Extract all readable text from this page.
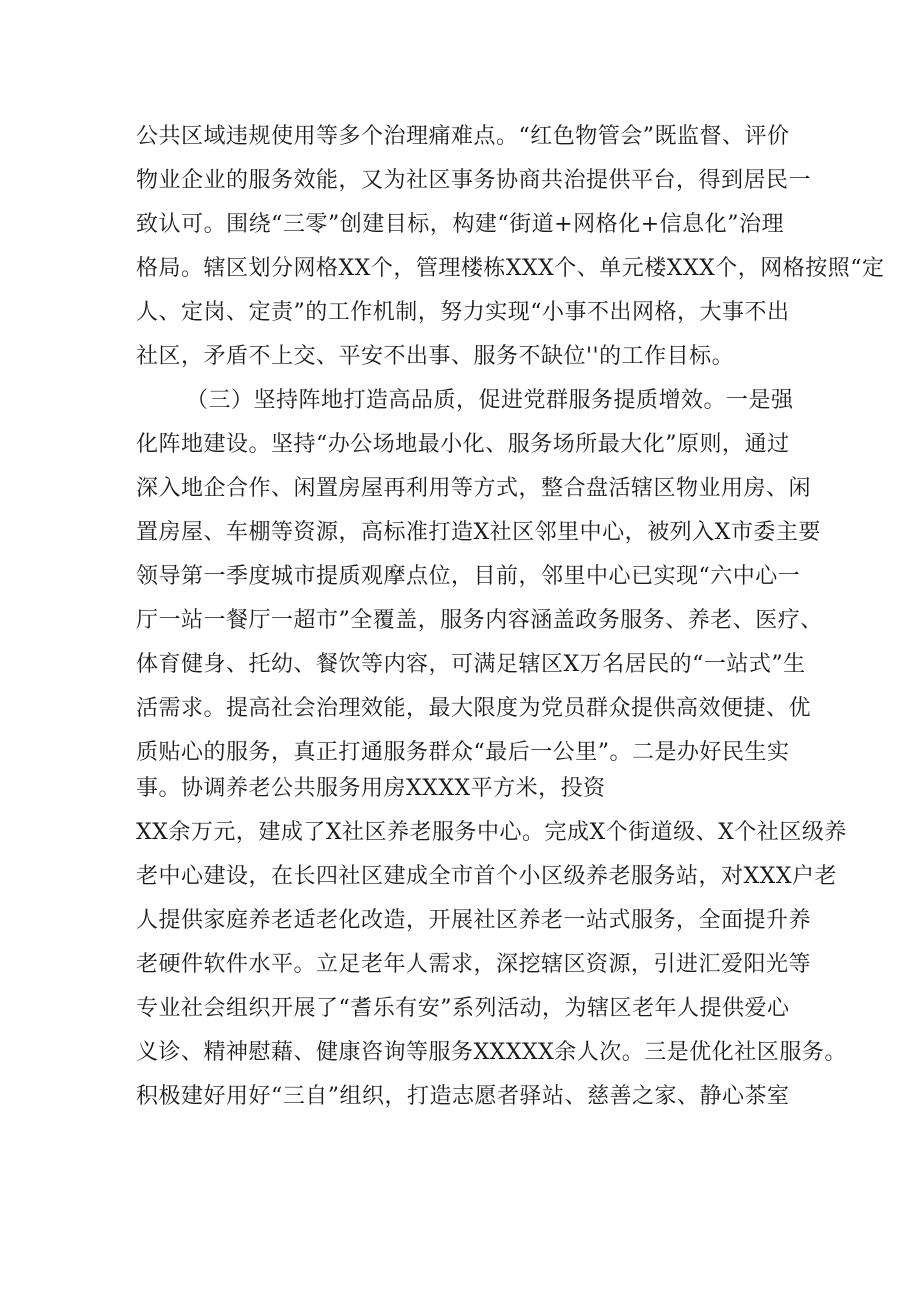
公共区域违规使用等多个治理痛难点。“红色物管会”既监督、评价
物业企业的服务效能，又为社区事务协商共治提供平台，得到居民一
致认可。围绕“三零”创建目标，构建“街道+网格化+信息化”治理
格局。辖区划分网格XX个，管理楼栋XXX个、单元楼XXX个，网格按照“定
人、定岗、定责”的工作机制，努力实现“小事不出网格，大事不出
社区，矛盾不上交、平安不出事、服务不缺位''的工作目标。
（三）坚持阵地打造高品质，促进党群服务提质增效。一是强
化阵地建设。坚持“办公场地最小化、服务场所最大化”原则，通过
深入地企合作、闲置房屋再利用等方式，整合盘活辖区物业用房、闲
置房屋、车棚等资源，高标准打造X社区邻里中心，被列入X市委主要
领导第一季度城市提质观摩点位，目前，邻里中心已实现“六中心一
厅一站一餐厅一超市”全覆盖，服务内容涵盖政务服务、养老、医疗、
体育健身、托幼、餐饮等内容，可满足辖区X万名居民的“一站式”生
活需求。提高社会治理效能，最大限度为党员群众提供高效便捷、优
质贴心的服务，真正打通服务群众“最后一公里”。二是办好民生实
事。协调养老公共服务用房XXXX平方米，投资
XX余万元，建成了X社区养老服务中心。完成X个街道级、X个社区级养
老中心建设，在长四社区建成全市首个小区级养老服务站，对XXX户老
人提供家庭养老适老化改造，开展社区养老一站式服务，全面提升养
老硬件软件水平。立足老年人需求，深挖辖区资源，引进汇爱阳光等
专业社会组织开展了“耆乐有安”系列活动，为辖区老年人提供爱心
义诊、精神慰藉、健康咨询等服务XXXXX余人次。三是优化社区服务。
积极建好用好“三自”组织，打造志愿者驿站、慈善之家、静心茶室
